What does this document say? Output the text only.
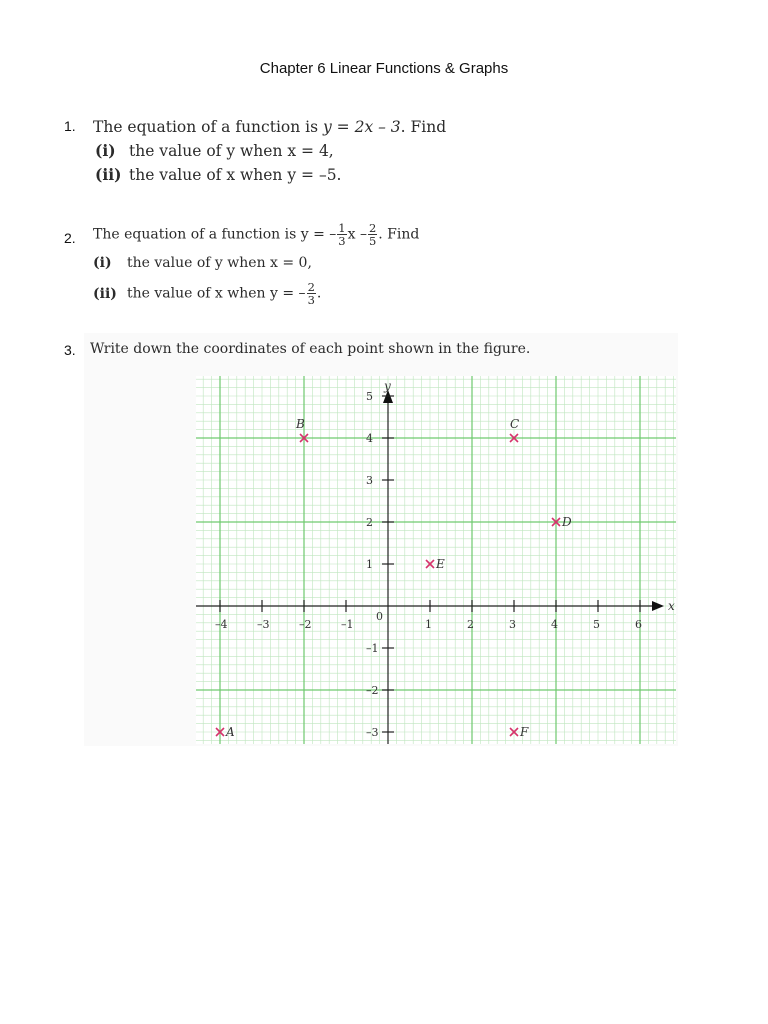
Chapter 6 Linear Functions & Graphs
1. The equation of a function is y = 2x – 3. Find
(i) the value of y when x = 4,
(ii) the value of x when y = –5.
2. The equation of a function is y = – $\frac{1}{3}$ x – $\frac{2}{5}$ . Find
(i) the value of y when x = 0,
(ii) the value of x when y = – $\frac{2}{3}$ .
3. Write down the coordinates of each point shown in the figure.
x
y
0
–4	–3	–2	–1	1	2	3	4	5	6
5
4
3
2
1
–1
–2
–3
A
B	C
D
E
F
